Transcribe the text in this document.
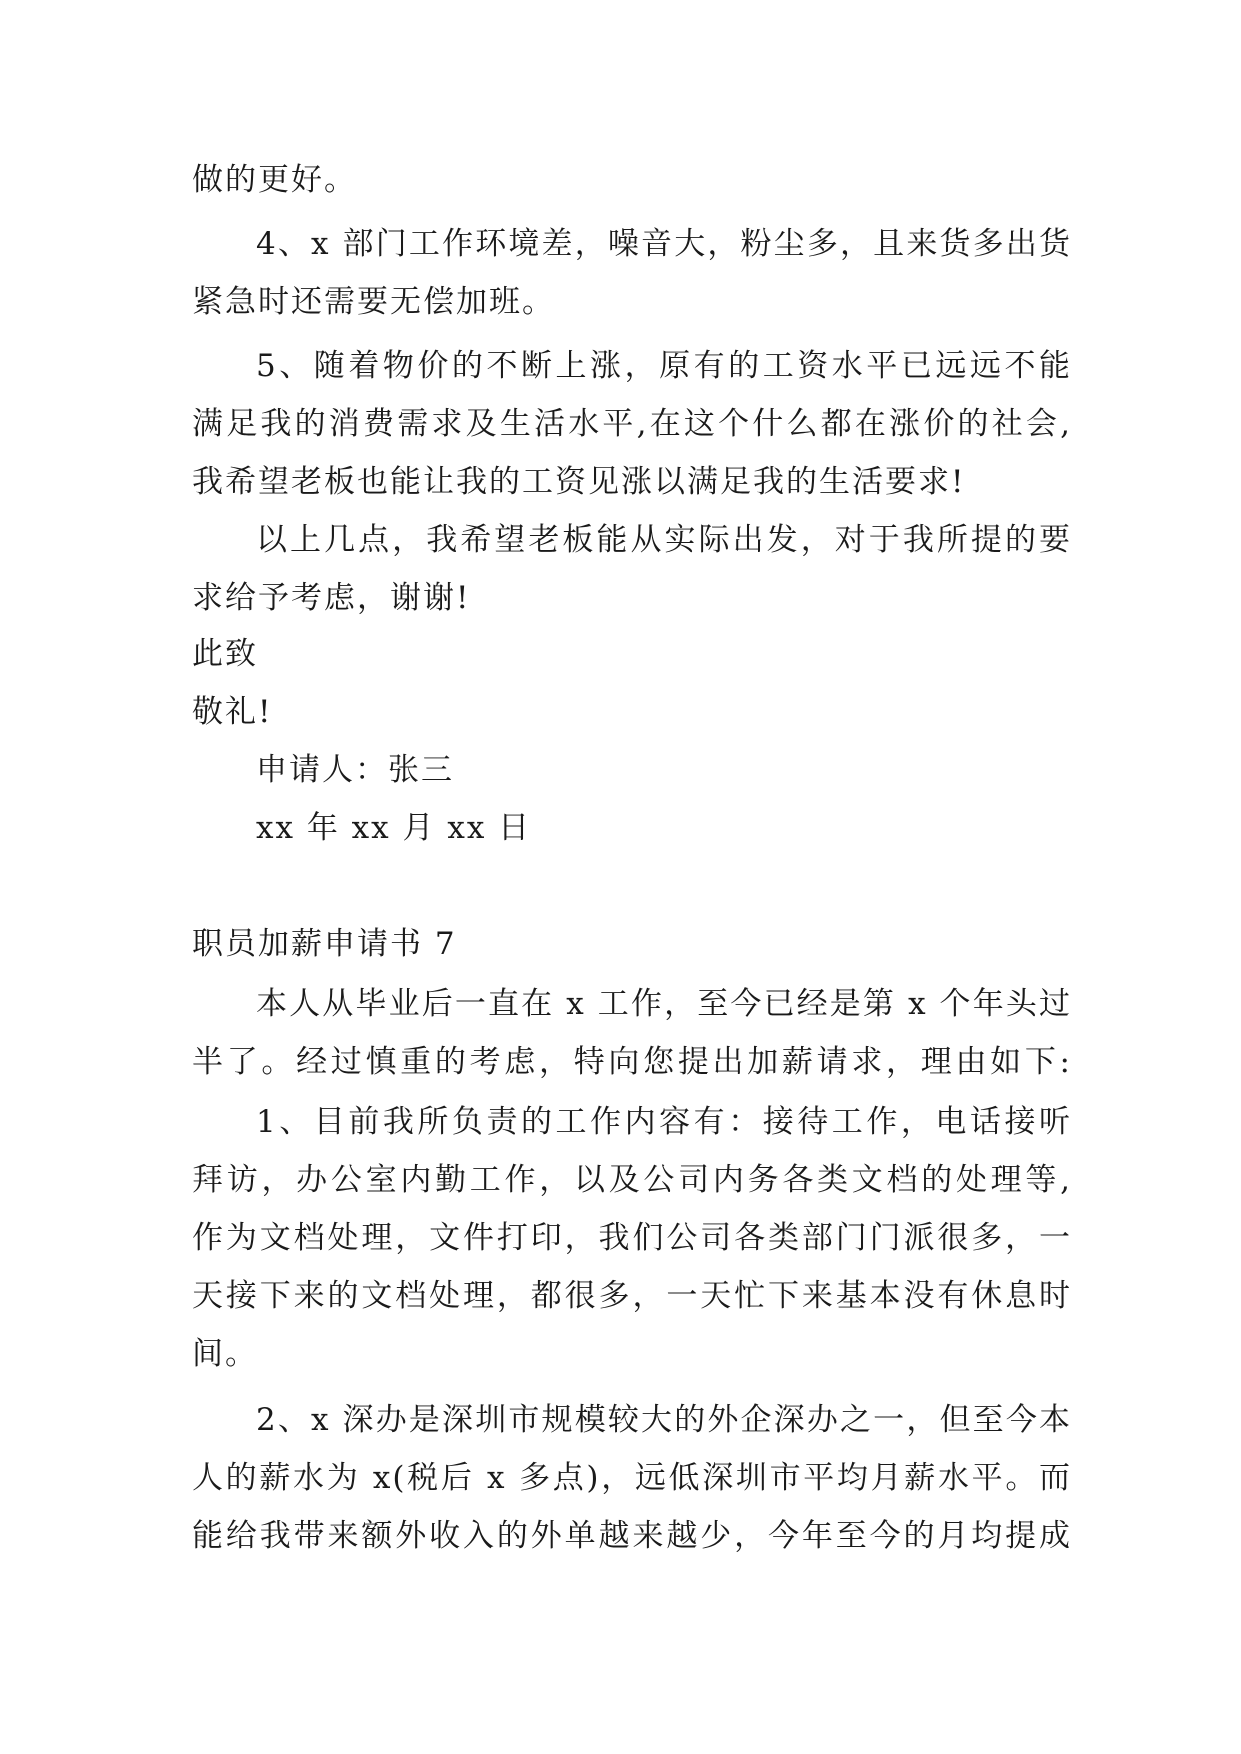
做的更好。
4、x 部门工作环境差，噪音大，粉尘多，且来货多出货
紧急时还需要无偿加班。
5、随着物价的不断上涨，原有的工资水平已远远不能
满足我的消费需求及生活水平,在这个什么都在涨价的社会,
我希望老板也能让我的工资见涨以满足我的生活要求!
以上几点，我希望老板能从实际出发，对于我所提的要
求给予考虑，谢谢!
此致
敬礼!
申请人：张三
xx 年 xx 月 xx 日
职员加薪申请书 7
本人从毕业后一直在 x 工作，至今已经是第 x 个年头过
半了。经过慎重的考虑，特向您提出加薪请求，理由如下:
1、目前我所负责的工作内容有：接待工作，电话接听
拜访，办公室内勤工作，以及公司内务各类文档的处理等,
作为文档处理，文件打印，我们公司各类部门门派很多，一
天接下来的文档处理，都很多，一天忙下来基本没有休息时
间。
2、x 深办是深圳市规模较大的外企深办之一，但至今本
人的薪水为 x(税后 x 多点)，远低深圳市平均月薪水平。而
能给我带来额外收入的外单越来越少，今年至今的月均提成
